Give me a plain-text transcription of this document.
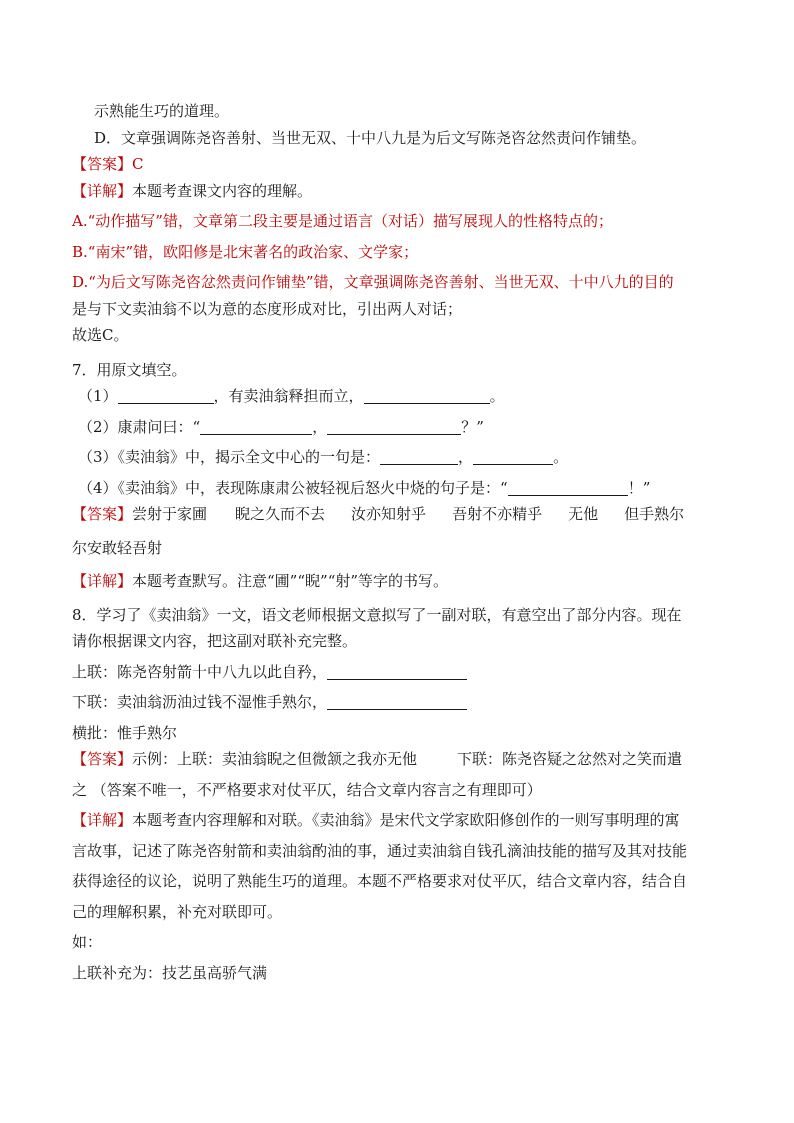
示熟能生巧的道理。
D．文章强调陈尧咨善射、当世无双、十中八九是为后文写陈尧咨忿然责问作铺垫。
【答案】C
【详解】本题考查课文内容的理解。
A.“动作描写”错，文章第二段主要是通过语言（对话）描写展现人的性格特点的；
B.“南宋”错，欧阳修是北宋著名的政治家、文学家；
D.“为后文写陈尧咨忿然责问作铺垫”错，文章强调陈尧咨善射、当世无双、十中八九的目的
是与下文卖油翁不以为意的态度形成对比，引出两人对话；
故选C。
7．用原文填空。
（1）	，有卖油翁释担而立，	。
（2）康肃问曰：“	，	？”
（3）《卖油翁》中，揭示全文中心的一句是：	，	。
（4）《卖油翁》中，表现陈康肃公被轻视后怒火中烧的句子是：“	！”
【答案】尝射于家圃 睨之久而不去 汝亦知射乎 吾射不亦精乎 无他 但手熟尔
尔安敢轻吾射
【详解】本题考查默写。注意“圃”“睨”“射”等字的书写。
8．学习了《卖油翁》一文，语文老师根据文意拟写了一副对联，有意空出了部分内容。现在
请你根据课文内容，把这副对联补充完整。
上联：陈尧咨射箭十中八九以此自矜，
下联：卖油翁沥油过钱不湿惟手熟尔，
横批：惟手熟尔
【答案】示例：上联：卖油翁睨之但微颔之我亦无他	下联：陈尧咨疑之忿然对之笑而遣
之 （答案不唯一，不严格要求对仗平仄，结合文章内容言之有理即可）
【详解】本题考查内容理解和对联。《卖油翁》是宋代文学家欧阳修创作的一则写事明理的寓
言故事，记述了陈尧咨射箭和卖油翁酌油的事，通过卖油翁自钱孔滴油技能的描写及其对技能
获得途径的议论，说明了熟能生巧的道理。本题不严格要求对仗平仄，结合文章内容，结合自
己的理解积累，补充对联即可。
如：
上联补充为：技艺虽高骄气满
